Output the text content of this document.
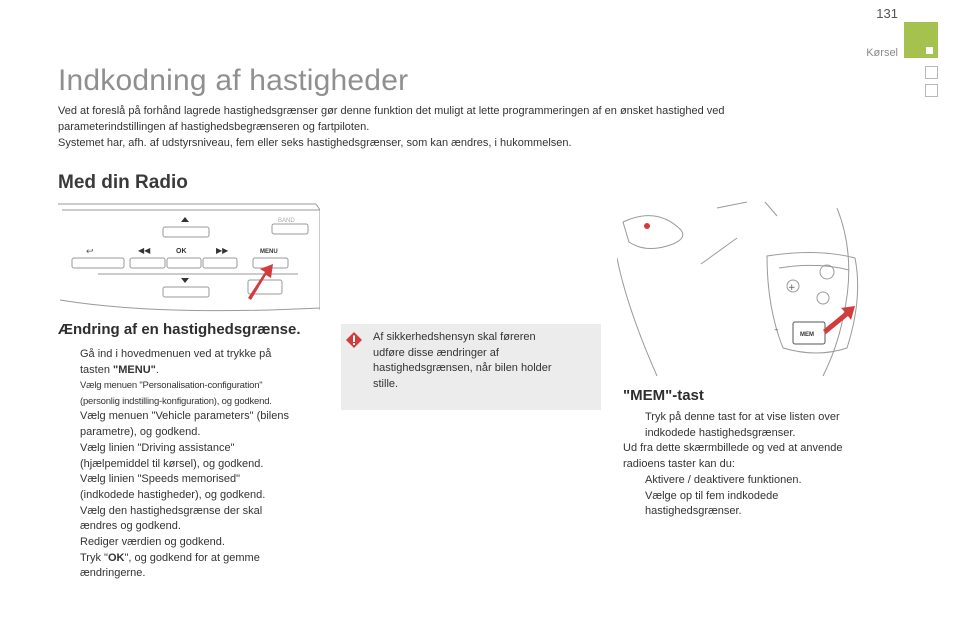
131
Kørsel
Indkodning af hastigheder
Ved at foreslå på forhånd lagrede hastighedsgrænser gør denne funktion det muligt at lette programmeringen af en ønsket hastighed ved
parameterindstillingen af hastighedsbegrænseren og fartpiloten.
Systemet har, afh. af udstyrsniveau, fem eller seks hastighedsgrænser, som kan ændres, i hukommelsen.
Med din Radio
↩	◀◀	▶▶
OK	MENU
BAND
+
–	MEM
Ændring af en hastighedsgrænse.
Gå ind i hovedmenuen ved at trykke på
tasten "MENU".
Vælg menuen "Personalisation-configuration"
(personlig indstilling-konfiguration), og godkend.
Vælg menuen "Vehicle parameters" (bilens
parametre), og godkend.
Vælg linien "Driving assistance"
(hjælpemiddel til kørsel), og godkend.
Vælg linien "Speeds memorised"
(indkodede hastigheder), og godkend.
Vælg den hastighedsgrænse der skal
ændres og godkend.
Rediger værdien og godkend.
Tryk "OK", og godkend for at gemme
ændringerne.
Af sikkerhedshensyn skal føreren
udføre disse ændringer af
hastighedsgrænsen, når bilen holder
stille.
"MEM"-tast
Tryk på denne tast for at vise listen over
indkodede hastighedsgrænser.
Ud fra dette skærmbillede og ved at anvende
radioens taster kan du:
Aktivere / deaktivere funktionen.
Vælge op til fem indkodede
hastighedsgrænser.
